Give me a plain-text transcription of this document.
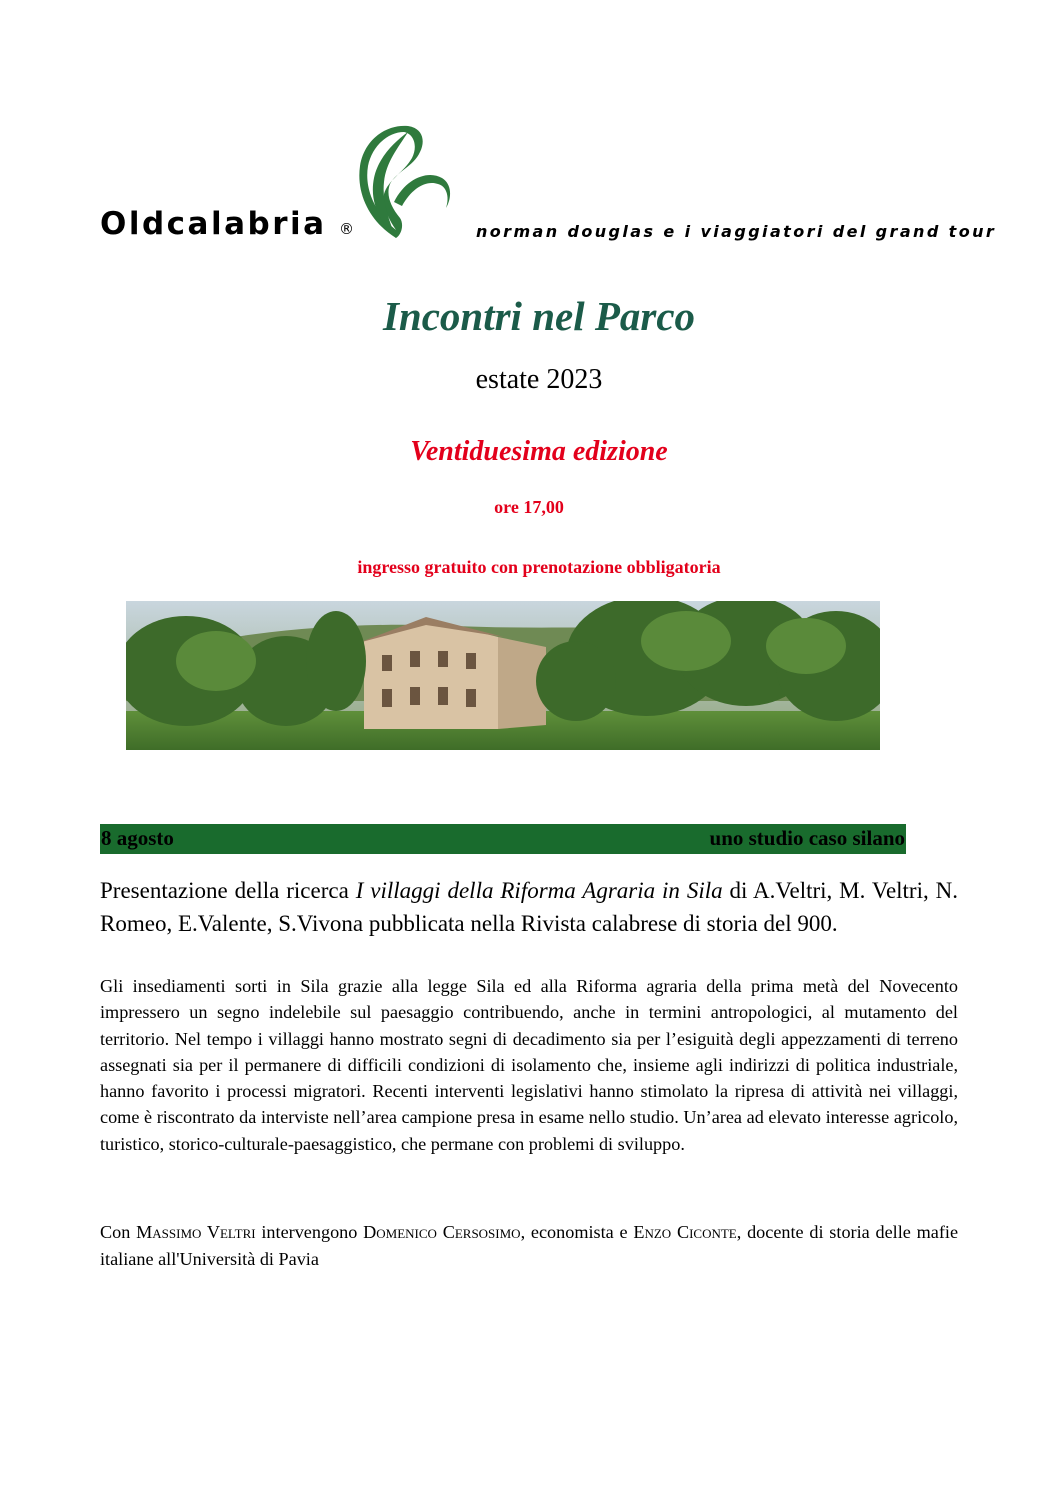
Oldcalabria ®	norman douglas e i viaggiatori del grand tour
Incontri nel Parco
estate 2023
Ventiduesima edizione
ore 17,00
ingresso gratuito con prenotazione obbligatoria
8 agosto	uno studio caso silano
Presentazione della ricerca I villaggi della Riforma Agraria in Sila di A.Veltri, M. Veltri, N. Romeo, E.Valente, S.Vivona pubblicata nella Rivista calabrese di storia del 900.
Gli insediamenti sorti in Sila grazie alla legge Sila ed alla Riforma agraria della prima metà del Novecento impressero un segno indelebile sul paesaggio contribuendo, anche in termini antropologici, al mutamento del territorio. Nel tempo i villaggi hanno mostrato segni di decadimento sia per l’esiguità degli appezzamenti di terreno assegnati sia per il permanere di difficili condizioni di isolamento che, insieme agli indirizzi di politica industriale, hanno favorito i processi migratori. Recenti interventi legislativi hanno stimolato la ripresa di attività nei villaggi, come è riscontrato da interviste nell’area campione presa in esame nello studio. Un’area ad elevato interesse agricolo, turistico, storico-culturale-paesaggistico, che permane con problemi di sviluppo.
Con Massimo Veltri intervengono Domenico Cersosimo, economista e Enzo Ciconte, docente di storia delle mafie italiane all'Università di Pavia
